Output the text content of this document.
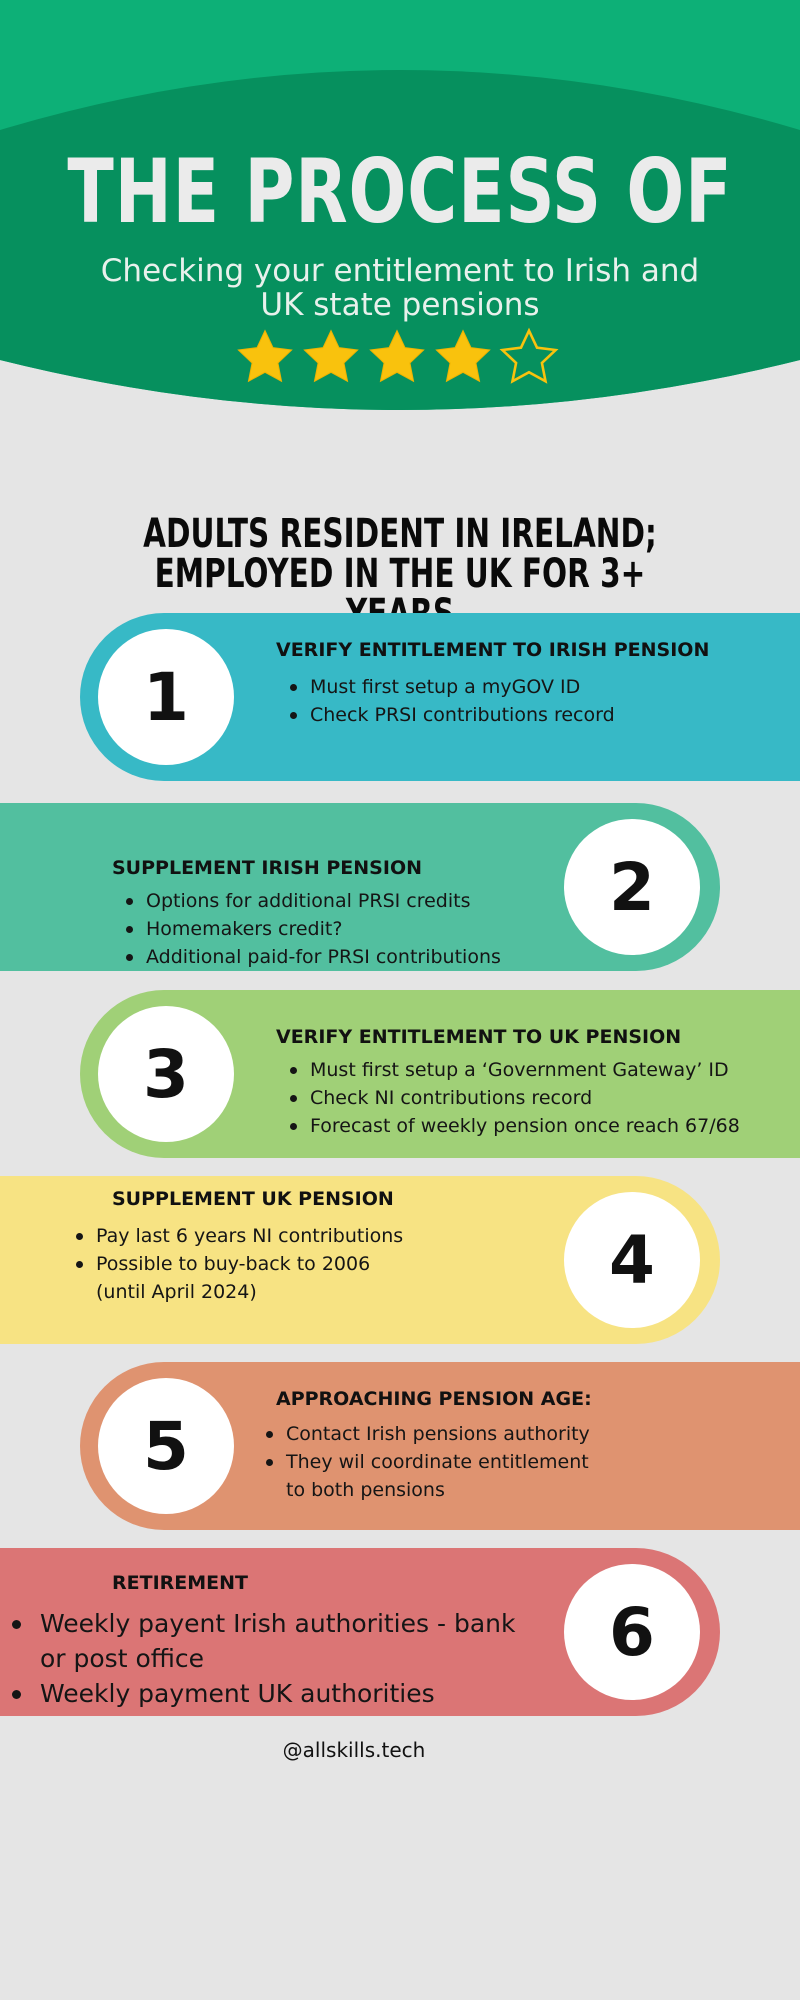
THE PROCESS OF
Checking your entitlement to Irish and UK state pensions
ADULTS RESIDENT IN IRELAND;
EMPLOYED IN THE UK FOR 3+
1
VERIFY ENTITLEMENT TO IRISH PENSION
Must first setup a myGOV ID
Check PRSI contributions record
2
SUPPLEMENT IRISH PENSION
Options for additional PRSI credits
Homemakers credit?
Additional paid-for PRSI contributions
3	VERIFY ENTITLEMENT TO UK PENSION
Must first setup a ‘Government Gateway’ ID
Check NI contributions record
Forecast of weekly pension once reach 67/68
4
SUPPLEMENT UK PENSION
Pay last 6 years NI contributions
Possible to buy-back to 2006
(until April 2024)
5
APPROACHING PENSION AGE:
Contact Irish pensions authority
They wil coordinate entitlement
to both pensions
6
RETIREMENT
Weekly payent Irish authorities - bank
or post office
Weekly payment UK authorities
@allskills.tech
